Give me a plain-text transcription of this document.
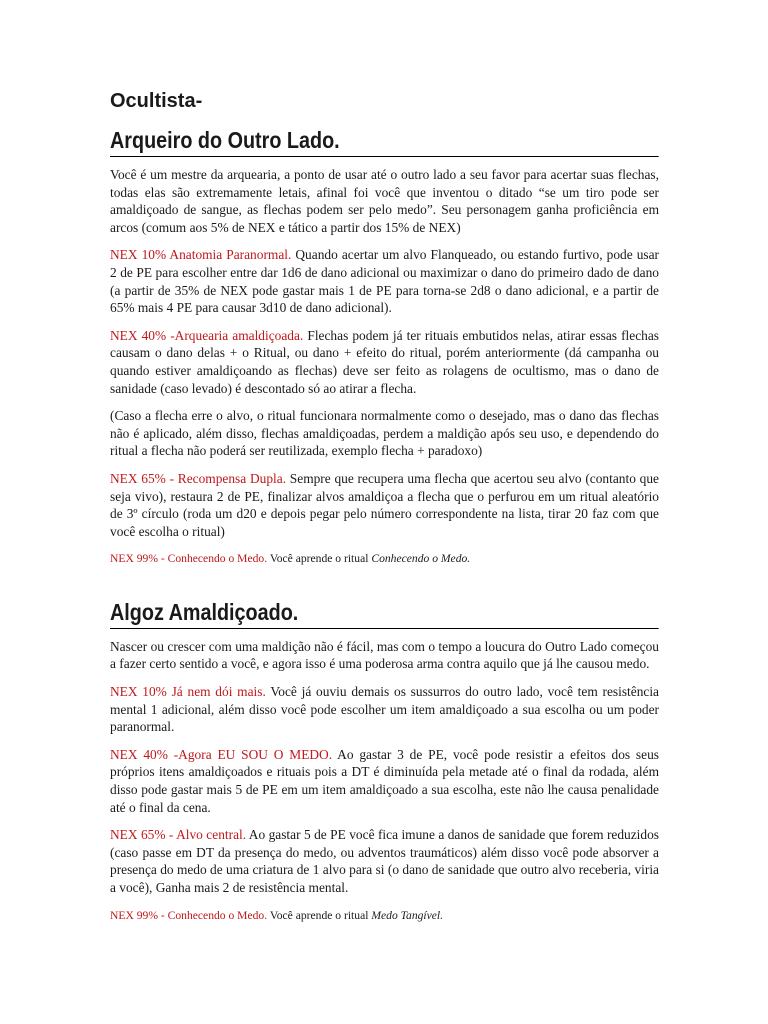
Ocultista-
Arqueiro do Outro Lado.

Você é um mestre da arquearia, a ponto de usar até o outro lado a seu favor para acertar suas flechas, todas elas são extremamente letais, afinal foi você que inventou o ditado “se um tiro pode ser amaldiçoado de sangue, as flechas podem ser pelo medo”. Seu personagem ganha proficiência em arcos (comum aos 5% de NEX e tático a partir dos 15% de NEX)

NEX 10% Anatomia Paranormal. Quando acertar um alvo Flanqueado, ou estando furtivo, pode usar 2 de PE para escolher entre dar 1d6 de dano adicional ou maximizar o dano do primeiro dado de dano (a partir de 35% de NEX pode gastar mais 1 de PE para torna-se 2d8 o dano adicional, e a partir de 65% mais 4 PE para causar 3d10 de dano adicional).

NEX 40% -Arquearia amaldiçoada. Flechas podem já ter rituais embutidos nelas, atirar essas flechas causam o dano delas + o Ritual, ou dano + efeito do ritual, porém anteriormente (dá campanha ou quando estiver amaldiçoando as flechas) deve ser feito as rolagens de ocultismo, mas o dano de sanidade (caso levado) é descontado só ao atirar a flecha.

(Caso a flecha erre o alvo, o ritual funcionara normalmente como o desejado, mas o dano das flechas não é aplicado, além disso, flechas amaldiçoadas, perdem a maldição após seu uso, e dependendo do ritual a flecha não poderá ser reutilizada, exemplo flecha + paradoxo)

NEX 65% - Recompensa Dupla. Sempre que recupera uma flecha que acertou seu alvo (contanto que seja vivo), restaura 2 de PE, finalizar alvos amaldiçoa a flecha que o perfurou em um ritual aleatório de 3º círculo (roda um d20 e depois pegar pelo número correspondente na lista, tirar 20 faz com que você escolha o ritual)

NEX 99% - Conhecendo o Medo. Você aprende o ritual Conhecendo o Medo.

Algoz Amaldiçoado.

Nascer ou crescer com uma maldição não é fácil, mas com o tempo a loucura do Outro Lado começou a fazer certo sentido a você, e agora isso é uma poderosa arma contra aquilo que já lhe causou medo.

NEX 10% Já nem dói mais. Você já ouviu demais os sussurros do outro lado, você tem resistência mental 1 adicional, além disso você pode escolher um item amaldiçoado a sua escolha ou um poder paranormal.

NEX 40% -Agora EU SOU O MEDO. Ao gastar 3 de PE, você pode resistir a efeitos dos seus próprios itens amaldiçoados e rituais pois a DT é diminuída pela metade até o final da rodada, além disso pode gastar mais 5 de PE em um item amaldiçoado a sua escolha, este não lhe causa penalidade até o final da cena.

NEX 65% - Alvo central. Ao gastar 5 de PE você fica imune a danos de sanidade que forem reduzidos (caso passe em DT da presença do medo, ou adventos traumáticos) além disso você pode absorver a presença do medo de uma criatura de 1 alvo para si (o dano de sanidade que outro alvo receberia, viria a você), Ganha mais 2 de resistência mental.

NEX 99% - Conhecendo o Medo. Você aprende o ritual Medo Tangível.
